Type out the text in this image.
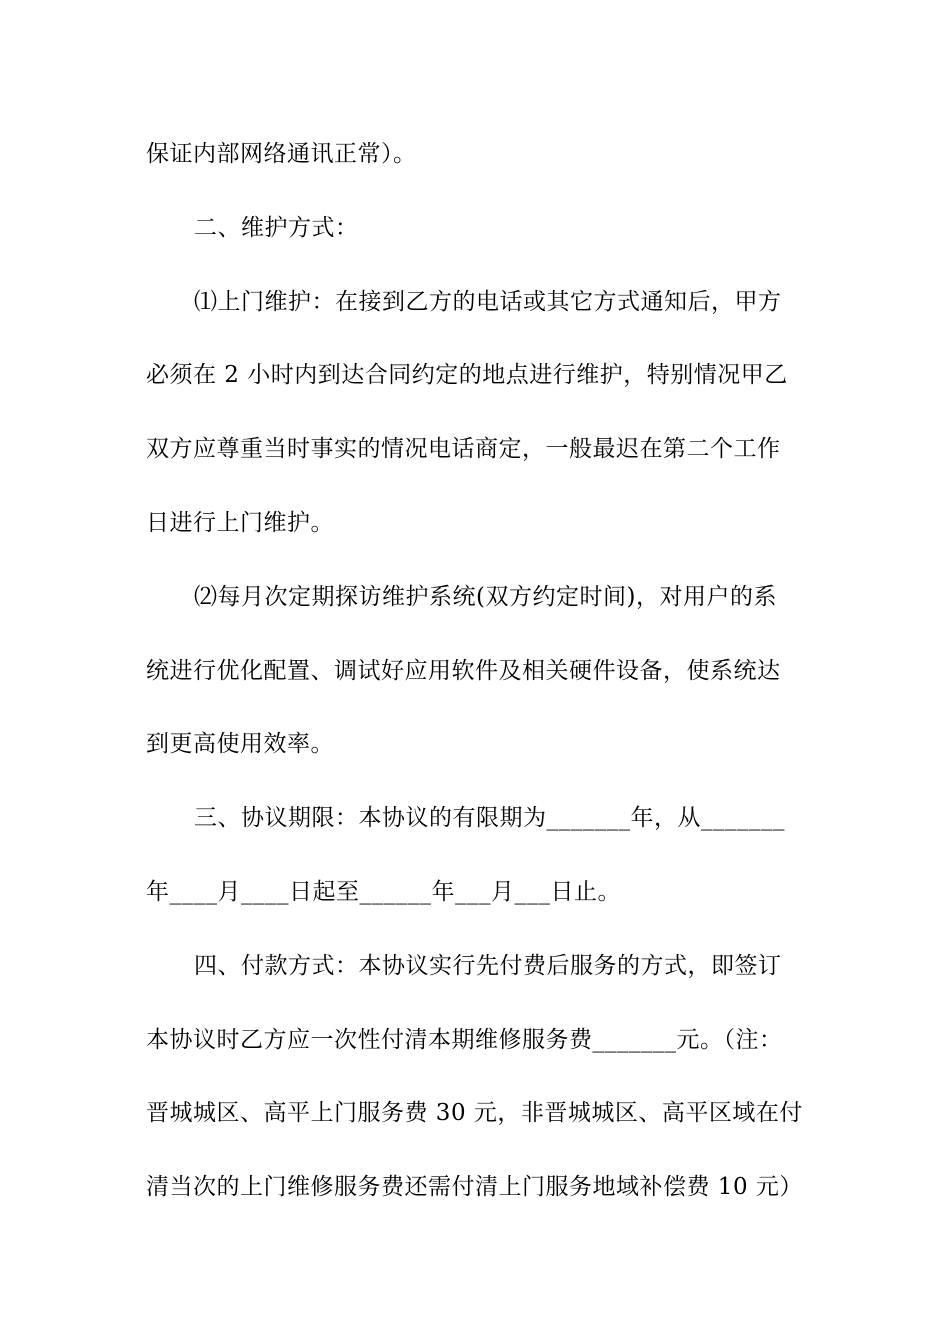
保证内部网络通讯正常）。
二、维护方式：
⑴上门维护：在接到乙方的电话或其它方式通知后，甲方
必须在 2 小时内到达合同约定的地点进行维护，特别情况甲乙
双方应尊重当时事实的情况电话商定，一般最迟在第二个工作
日进行上门维护。
⑵每月次定期探访维护系统(双方约定时间)，对用户的系
统进行优化配置、调试好应用软件及相关硬件设备，使系统达
到更高使用效率。
三、协议期限：本协议的有限期为_______年，从_______
年____月____日起至______年___月___日止。
四、付款方式：本协议实行先付费后服务的方式，即签订
本协议时乙方应一次性付清本期维修服务费_______元。（注：
晋城城区、高平上门服务费 30 元，非晋城城区、高平区域在付
清当次的上门维修服务费还需付清上门服务地域补偿费 10 元）
